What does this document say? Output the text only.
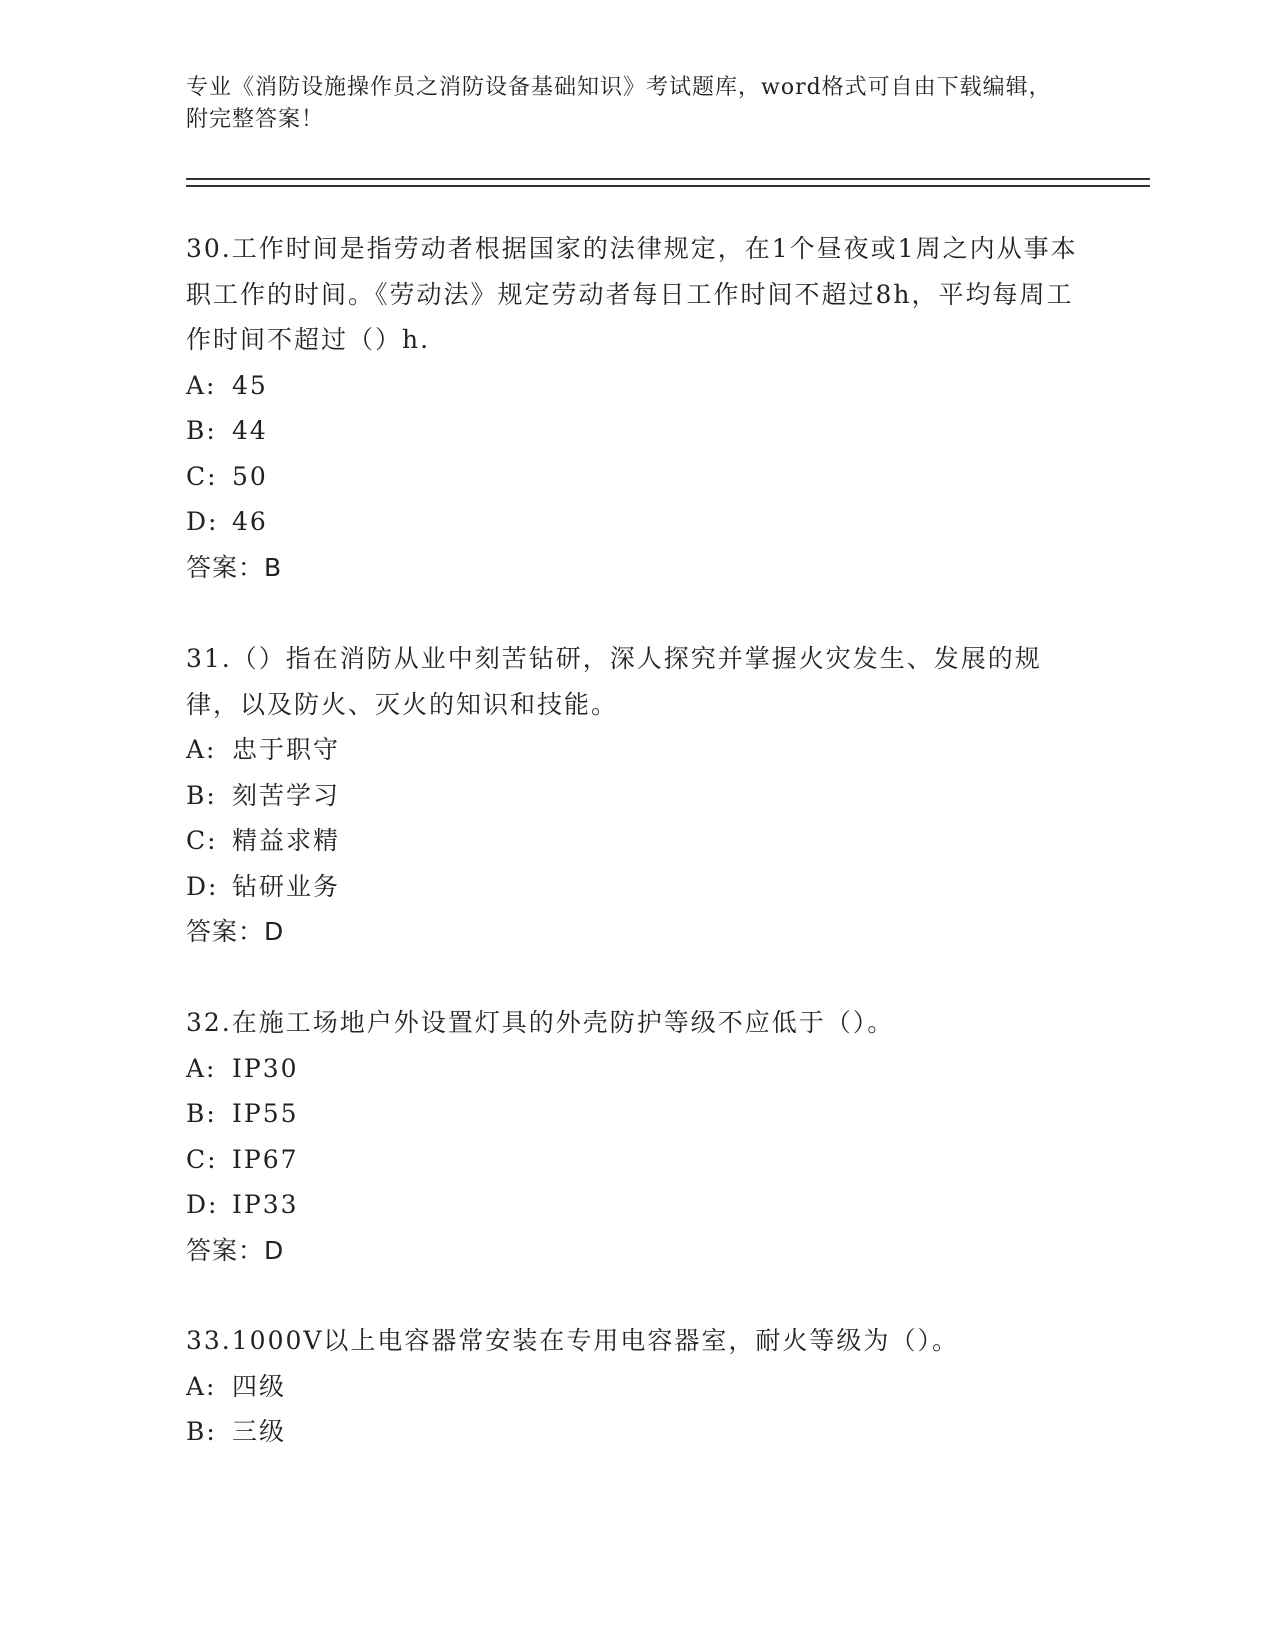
专业《消防设施操作员之消防设备基础知识》考试题库，word格式可自由下载编辑，附完整答案！

30.工作时间是指劳动者根据国家的法律规定，在1个昼夜或1周之内从事本职工作的时间。《劳动法》规定劳动者每日工作时间不超过8h，平均每周工作时间不超过（）h.

A: 45

B: 44

C: 50

D: 46

答案：B

31.（）指在消防从业中刻苦钻研，深人探究并掌握火灾发生、发展的规律，以及防火、灭火的知识和技能。

A: 忠于职守

B: 刻苦学习

C: 精益求精

D: 钻研业务

答案：D

32.在施工场地户外设置灯具的外壳防护等级不应低于（）。

A: IP30

B: IP55

C: IP67

D: IP33

答案：D

33.1000V以上电容器常安装在专用电容器室，耐火等级为（）。

A: 四级

B: 三级
